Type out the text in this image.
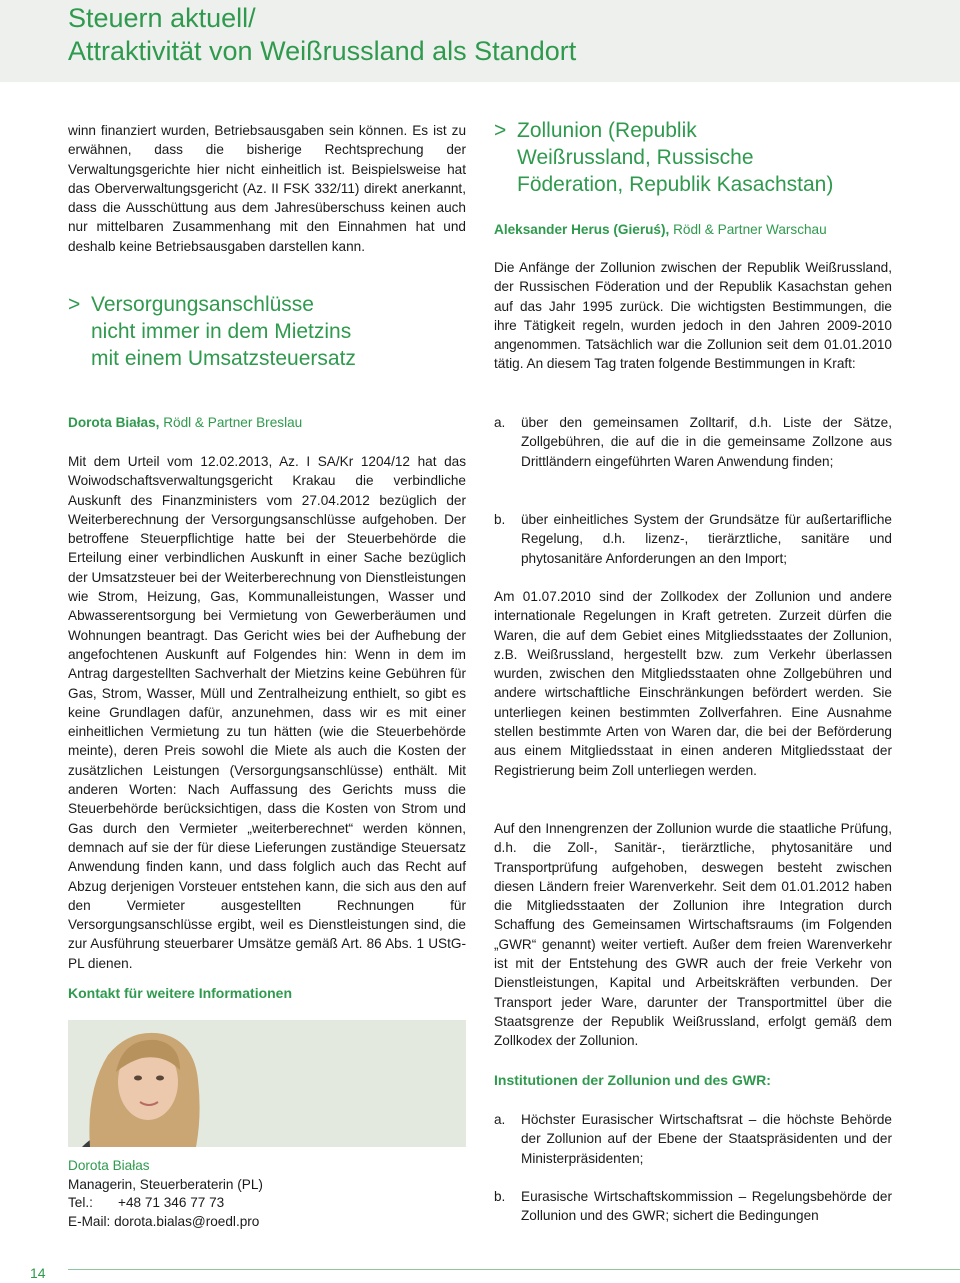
Steuern aktuell/
Attraktivität von Weißrussland als Standort

winn finanziert wurden, Betriebsausgaben sein können. Es ist zu erwähnen, dass die bisherige Rechtsprechung der Verwaltungsgerichte hier nicht einheitlich ist. Beispielsweise hat das Oberverwaltungsgericht (Az. II FSK 332/11) direkt anerkannt, dass die Ausschüttung aus dem Jahresüberschuss keinen auch nur mittelbaren Zusammenhang mit den Einnahmen hat und deshalb keine Betriebsausgaben darstellen kann.

> Versorgungsanschlüsse
nicht immer in dem Mietzins
mit einem Umsatzsteuersatz
Dorota Białas, Rödl & Partner Breslau

Mit dem Urteil vom 12.02.2013, Az. I SA/Kr 1204/12 hat das Woiwodschaftsverwaltungsgericht Krakau die verbindliche Auskunft des Finanzministers vom 27.04.2012 bezüglich der Weiterberechnung der Versorgungsanschlüsse aufgehoben. Der betroffene Steuerpflichtige hatte bei der Steuerbehörde die Erteilung einer verbindlichen Auskunft in einer Sache bezüglich der Umsatzsteuer bei der Weiterberechnung von Dienstleistungen wie Strom, Heizung, Gas, Kommunalleistungen, Wasser und Abwasserentsorgung bei Vermietung von Gewerberäumen und Wohnungen beantragt. Das Gericht wies bei der Aufhebung der angefochtenen Auskunft auf Folgendes hin: Wenn in dem im Antrag dargestellten Sachverhalt der Mietzins keine Gebühren für Gas, Strom, Wasser, Müll und Zentralheizung enthielt, so gibt es keine Grundlagen dafür, anzunehmen, dass wir es mit einer einheitlichen Vermietung zu tun hätten (wie die Steuerbehörde meinte), deren Preis sowohl die Miete als auch die Kosten der zusätzlichen Leistungen (Versorgungsanschlüsse) enthält. Mit anderen Worten: Nach Auffassung des Gerichts muss die Steuerbehörde berücksichtigen, dass die Kosten von Strom und Gas durch den Vermieter „weiterberechnet“ werden können, demnach auf sie der für diese Lieferungen zuständige Steuersatz Anwendung finden kann, und dass folglich auch das Recht auf Abzug derjenigen Vorsteuer entstehen kann, die sich aus den auf den Vermieter ausgestellten Rechnungen für Versorgungsanschlüsse ergibt, weil es Dienstleistungen sind, die zur Ausführung steuerbarer Umsätze gemäß Art. 86 Abs. 1 UStG-PL dienen.

Kontakt für weitere Informationen
Dorota Białas
Managerin, Steuerberaterin (PL)
Tel.: +48 71 346 77 73
E-Mail: dorota.bialas@roedl.pro
> Zollunion (Republik
Weißrussland, Russische
Föderation, Republik Kasachstan)
Aleksander Herus (Gieruś), Rödl & Partner Warschau

Die Anfänge der Zollunion zwischen der Republik Weißrussland, der Russischen Föderation und der Republik Kasachstan gehen auf das Jahr 1995 zurück. Die wichtigsten Bestimmungen, die ihre Tätigkeit regeln, wurden jedoch in den Jahren 2009-2010 angenommen. Tatsächlich war die Zollunion seit dem 01.01.2010 tätig. An diesem Tag traten folgende Bestimmungen in Kraft:

a. über den gemeinsamen Zolltarif, d.h. Liste der Sätze, Zollgebühren, die auf die in die gemeinsame Zollzone aus Drittländern eingeführten Waren Anwendung finden;
b. über einheitliches System der Grundsätze für außertarifliche Regelung, d.h. lizenz-, tierärztliche, sanitäre und phytosanitäre Anforderungen an den Import;

Am 01.07.2010 sind der Zollkodex der Zollunion und andere internationale Regelungen in Kraft getreten. Zurzeit dürfen die Waren, die auf dem Gebiet eines Mitgliedsstaates der Zollunion, z.B. Weißrussland, hergestellt bzw. zum Verkehr überlassen wurden, zwischen den Mitgliedsstaaten ohne Zollgebühren und andere wirtschaftliche Einschränkungen befördert werden. Sie unterliegen keinen bestimmten Zollverfahren. Eine Ausnahme stellen bestimmte Arten von Waren dar, die bei der Beförderung aus einem Mitgliedsstaat in einen anderen Mitgliedsstaat der Registrierung beim Zoll unterliegen werden.

Auf den Innengrenzen der Zollunion wurde die staatliche Prüfung, d.h. die Zoll-, Sanitär-, tierärztliche, phytosanitäre und Transportprüfung aufgehoben, deswegen besteht zwischen diesen Ländern freier Warenverkehr. Seit dem 01.01.2012 haben die Mitgliedsstaaten der Zollunion ihre Integration durch Schaffung des Gemeinsamen Wirtschaftsraums (im Folgenden „GWR“ genannt) weiter vertieft. Außer dem freien Warenverkehr ist mit der Entstehung des GWR auch der freie Verkehr von Dienstleistungen, Kapital und Arbeitskräften verbunden. Der Transport jeder Ware, darunter der Transportmittel über die Staatsgrenze der Republik Weißrussland, erfolgt gemäß dem Zollkodex der Zollunion.

Institutionen der Zollunion und des GWR:
a. Höchster Eurasischer Wirtschaftsrat – die höchste Behörde der Zollunion auf der Ebene der Staatspräsidenten und der Ministerpräsidenten;
b. Eurasische Wirtschaftskommission – Regelungsbehörde der Zollunion und des GWR; sichert die Bedingungen
14
